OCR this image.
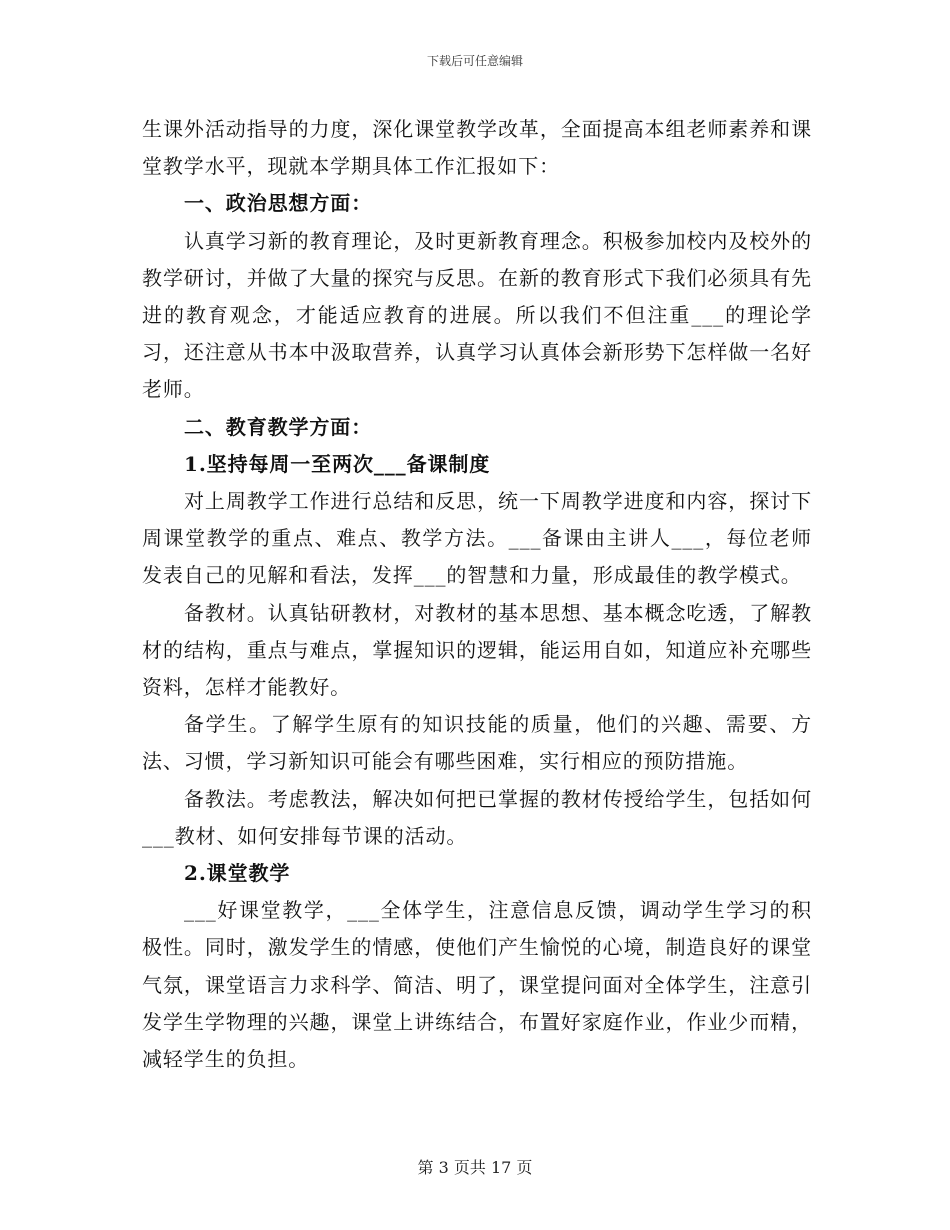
下载后可任意编辑

生课外活动指导的力度，深化课堂教学改革，全面提高本组老师素养和课堂教学水平，现就本学期具体工作汇报如下：

一、政治思想方面：

认真学习新的教育理论，及时更新教育理念。积极参加校内及校外的教学研讨，并做了大量的探究与反思。在新的教育形式下我们必须具有先进的教育观念，才能适应教育的进展。所以我们不但注重___的理论学习，还注意从书本中汲取营养，认真学习认真体会新形势下怎样做一名好老师。

二、教育教学方面：

1.坚持每周一至两次___备课制度

对上周教学工作进行总结和反思，统一下周教学进度和内容，探讨下周课堂教学的重点、难点、教学方法。___备课由主讲人___，每位老师发表自己的见解和看法，发挥___的智慧和力量，形成最佳的教学模式。

备教材。认真钻研教材，对教材的基本思想、基本概念吃透，了解教材的结构，重点与难点，掌握知识的逻辑，能运用自如，知道应补充哪些资料，怎样才能教好。

备学生。了解学生原有的知识技能的质量，他们的兴趣、需要、方法、习惯，学习新知识可能会有哪些困难，实行相应的预防措施。

备教法。考虑教法，解决如何把已掌握的教材传授给学生，包括如何___教材、如何安排每节课的活动。

2.课堂教学

___好课堂教学，___全体学生，注意信息反馈，调动学生学习的积极性。同时，激发学生的情感，使他们产生愉悦的心境，制造良好的课堂气氛，课堂语言力求科学、简洁、明了，课堂提问面对全体学生，注意引发学生学物理的兴趣，课堂上讲练结合，布置好家庭作业，作业少而精，减轻学生的负担。

第 3 页共 17 页
